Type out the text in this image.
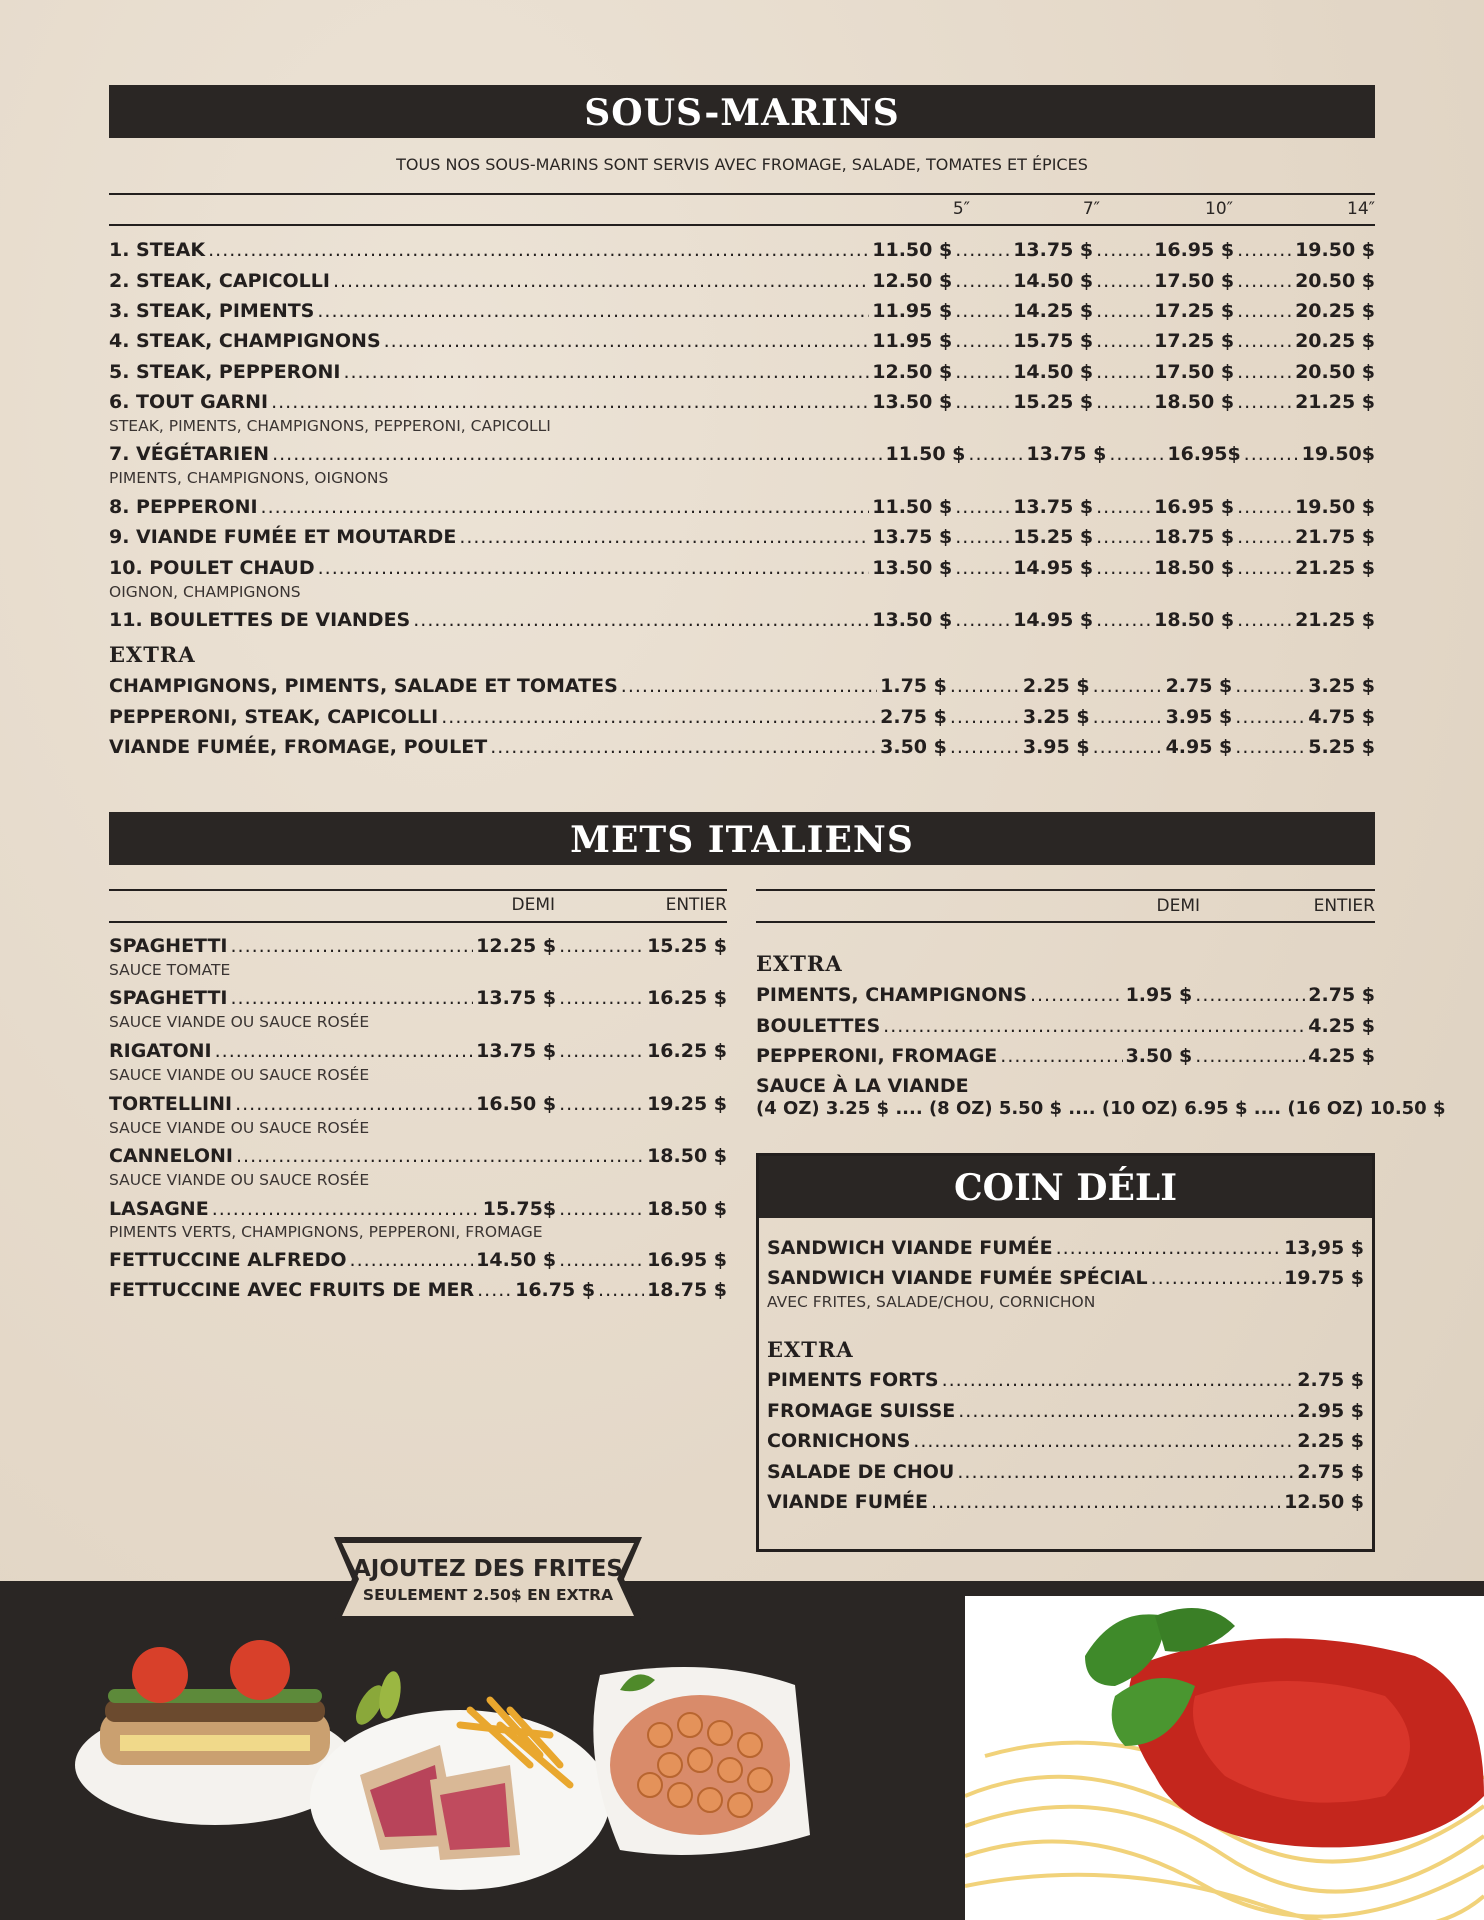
SOUS-MARINS
TOUS NOS SOUS-MARINS SONT SERVIS AVEC FROMAGE, SALADE, TOMATES ET ÉPICES
5″	7″	10″	14″
1. STEAK .....	11.50 $ .....	13.75 $ .....	16.95 $ .....	19.50 $
2. STEAK, CAPICOLLI .....	12.50 $ .....	14.50 $ .....	17.50 $ .....	20.50 $
3. STEAK, PIMENTS .....	11.95 $ .....	14.25 $ .....	17.25 $ .....	20.25 $
4. STEAK, CHAMPIGNONS .....	11.95 $ .....	15.75 $ .....	17.25 $ .....	20.25 $
5. STEAK, PEPPERONI .....	12.50 $ .....	14.50 $ .....	17.50 $ .....	20.50 $
6. TOUT GARNI .....	13.50 $ .....	15.25 $ .....	18.50 $ .....	21.25 $
STEAK, PIMENTS, CHAMPIGNONS, PEPPERONI, CAPICOLLI
7. VÉGÉTARIEN .....	11.50 $ .....	13.75 $ .....	16.95$ .....	19.50$
PIMENTS, CHAMPIGNONS, OIGNONS
8. PEPPERONI .....	11.50 $ .....	13.75 $ .....	16.95 $ .....	19.50 $
9. VIANDE FUMÉE ET MOUTARDE .....	13.75 $ .....	15.25 $ .....	18.75 $ .....	21.75 $
10. POULET CHAUD .....	13.50 $ .....	14.95 $ .....	18.50 $ .....	21.25 $
OIGNON, CHAMPIGNONS
11. BOULETTES DE VIANDES .....	13.50 $ .....	14.95 $ .....	18.50 $ .....	21.25 $
EXTRA
CHAMPIGNONS, PIMENTS, SALADE ET TOMATES .....	1.75 $ .....	2.25 $ .....	2.75 $ .....	3.25 $
PEPPERONI, STEAK, CAPICOLLI .....	2.75 $ .....	3.25 $ .....	3.95 $ .....	4.75 $
VIANDE FUMÉE, FROMAGE, POULET .....	3.50 $ .....	3.95 $ .....	4.95 $ .....	5.25 $
METS ITALIENS
DEMI	ENTIER
SPAGHETTI .....	12.25 $ .....	15.25 $
SAUCE TOMATE
SPAGHETTI .....	13.75 $ .....	16.25 $
SAUCE VIANDE OU SAUCE ROSÉE
RIGATONI .....	13.75 $ .....	16.25 $
SAUCE VIANDE OU SAUCE ROSÉE
TORTELLINI .....	16.50 $ .....	19.25 $
SAUCE VIANDE OU SAUCE ROSÉE
CANNELONI .....	18.50 $
SAUCE VIANDE OU SAUCE ROSÉE
LASAGNE .....	15.75$ .....	18.50 $
PIMENTS VERTS, CHAMPIGNONS, PEPPERONI, FROMAGE
FETTUCCINE ALFREDO .....	14.50 $ .....	16.95 $
FETTUCCINE AVEC FRUITS DE MER ..... 16.75 $ .....	18.75 $
DEMI	ENTIER
EXTRA
PIMENTS, CHAMPIGNONS .....	1.95 $ .....	2.75 $
BOULETTES .....	4.25 $
PEPPERONI, FROMAGE .....	3.50 $ .....	4.25 $
SAUCE À LA VIANDE
(4 OZ) 3.25 $ .... (8 OZ) 5.50 $ .... (10 OZ) 6.95 $ .... (16 OZ) 10.50 $
COIN DÉLI
SANDWICH VIANDE FUMÉE .....	13,95 $
SANDWICH VIANDE FUMÉE SPÉCIAL .....	19.75 $
AVEC FRITES, SALADE/CHOU, CORNICHON
EXTRA
PIMENTS FORTS .....	2.75 $
FROMAGE SUISSE .....	2.95 $
CORNICHONS .....	2.25 $
SALADE DE CHOU .....	2.75 $
VIANDE FUMÉE .....	12.50 $
AJOUTEZ DES FRITES
SEULEMENT 2.50$ EN EXTRA
